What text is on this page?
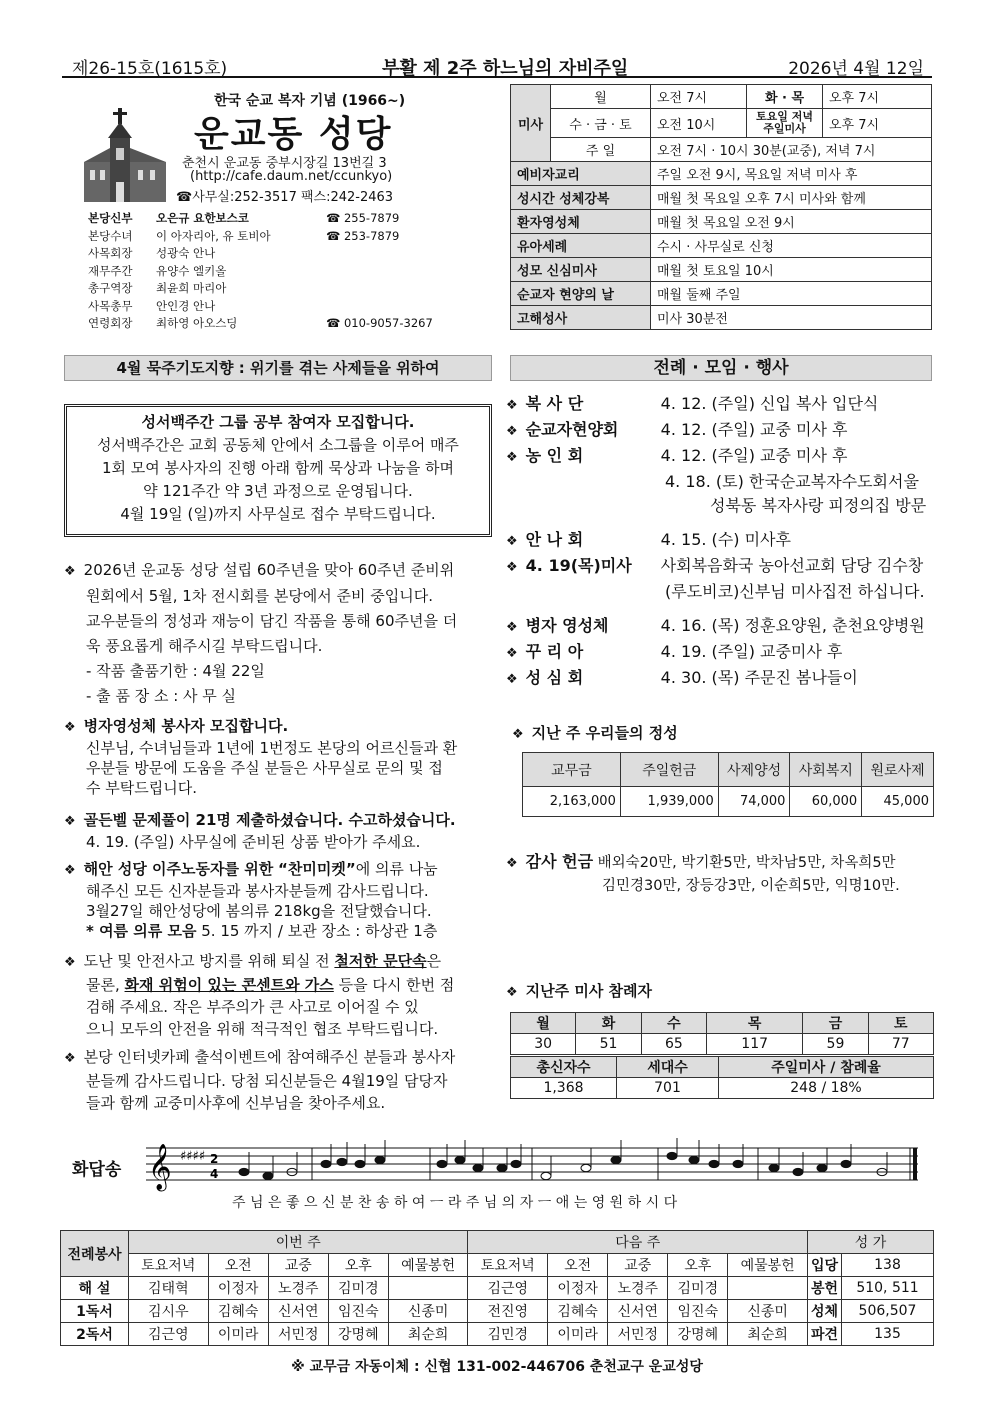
제26-15호(1615호)	부활 제 2주 하느님의 자비주일	2026년 4월 12일
한국 순교 복자 기념 (1966~)
운교동 성당
춘천시 운교동 중부시장길 13번길 3
(http://cafe.daum.net/ccunkyo)
☎사무실:252-3517 팩스:242-2463
본당신부 오은규 요한보스코	☎ 255-7879
본당수녀 이 아자리아, 유 토비아	☎ 253-7879
사목회장 성광숙 안나
재무주간 유양수 엘키올
총구역장 최윤희 마리아
사목총무 안인경 안나
연령회장 최하영 아오스딩	☎ 010-9057-3267
미사	월	오전 7시	화 · 목	오후 7시
	수 · 금 · 토	오전 10시	토요일 저녁 주일미사	오후 7시
	주 일	오전 7시 · 10시 30분(교중), 저녁 7시		
예비자교리		주일 오전 9시, 목요일 저녁 미사 후		
성시간 성체강복		매월 첫 목요일 오후 7시 미사와 함께		
환자영성체		매월 첫 목요일 오전 9시		
유아세례		수시 · 사무실로 신청		
성모 신심미사		매월 첫 토요일 10시		
순교자 현양의 날		매월 둘째 주일		
고해성사		미사 30분전		
4월 묵주기도지향 : 위기를 겪는 사제들을 위하여	전례 · 모임 · 행사
성서백주간 그룹 공부 참여자 모집합니다.
성서백주간은 교회 공동체 안에서 소그룹을 이루어 매주
1회 모여 봉사자의 진행 아래 함께 묵상과 나눔을 하며
약 121주간 약 3년 과정으로 운영됩니다.
4월 19일 (일)까지 사무실로 접수 부탁드립니다.
❖ 2026년 운교동 성당 설립 60주년을 맞아 60주년 준비위
원회에서 5월, 1차 전시회를 본당에서 준비 중입니다.
교우분들의 정성과 재능이 담긴 작품을 통해 60주년을 더
욱 풍요롭게 해주시길 부탁드립니다.
- 작품 출품기한 : 4월 22일
- 출 품 장 소 : 사 무 실
❖ 병자영성체 봉사자 모집합니다.
신부님, 수녀님들과 1년에 1번정도 본당의 어르신들과 환
우분들 방문에 도움을 주실 분들은 사무실로 문의 및 접
수 부탁드립니다.
❖ 골든벨 문제풀이 21명 제출하셨습니다. 수고하셨습니다.
4. 19. (주일) 사무실에 준비된 상품 받아가 주세요.
❖ 해안 성당 이주노동자를 위한 “찬미미켓”에 의류 나눔
해주신 모든 신자분들과 봉사자분들께 감사드립니다.
3월27일 해안성당에 봄의류 218kg을 전달했습니다.
* 여름 의류 모음 5. 15 까지 / 보관 장소 : 하상관 1층
❖ 도난 및 안전사고 방지를 위해 퇴실 전 철저한 문단속은
물론, 화재 위험이 있는 콘센트와 가스 등을 다시 한번 점
검해 주세요. 작은 부주의가 큰 사고로 이어질 수 있
으니 모두의 안전을 위해 적극적인 협조 부탁드립니다.
❖ 본당 인터넷카페 출석이벤트에 참여해주신 분들과 봉사자
분들께 감사드립니다. 당첨 되신분들은 4월19일 담당자
들과 함께 교중미사후에 신부님을 찾아주세요.
❖ 복 사 단	4. 12. (주일) 신입 복사 입단식
❖ 순교자현양회	4. 12. (주일) 교중 미사 후
❖ 농 인 회	4. 12. (주일) 교중 미사 후
4. 18. (토) 한국순교복자수도회서울
성북동 복자사랑 피정의집 방문
❖ 안 나 회	4. 15. (수) 미사후
❖ 4. 19(목)미사 사회복음화국 농아선교회 담당 김수창
(루도비코)신부님 미사집전 하십니다.
❖ 병자 영성체	4. 16. (목) 정훈요양원, 춘천요양병원
❖ 꾸 리 아	4. 19. (주일) 교중미사 후
❖ 성 심 회	4. 30. (목) 주문진 봄나들이
❖ 지난 주 우리들의 정성
교무금	주일헌금	사제양성	사회복지	원로사제
2,163,000	1,939,000	74,000	60,000	45,000
❖ 감사 헌금 배외숙20만, 박기환5만, 박차남5만, 차옥희5만
김민경30만, 장등강3만, 이순희5만, 익명10만.
❖ 지난주 미사 참례자
월	화	수	목	금	토
30	51	65	117	59	77
총신자수	세대수	주일미사 / 참례율
1,368	701	248 / 18%
화답송 𝄞 ♯♯♯♯ 2
4
주 님 은 좋 으 신 분 찬 송 하 여 ㅡ 라 주 님 의 자 ㅡ 애 는 영 원 하 시 다
전례봉사	이번 주					다음 주					성 가	
	토요저녁	오전	교중	오후	예물봉헌	토요저녁	오전	교중	오후	예물봉헌	입당	138
해 설	김태혁	이정자	노경주	김미경		김근영	이정자	노경주	김미경		봉헌	510, 511
1독서	김시우	김혜숙	신서연	임진숙	신종미	전진영	김혜숙	신서연	임진숙	신종미	성체	506,507
2독서	김근영	이미라	서민정	강명혜	최순희	김민경	이미라	서민정	강명혜	최순희	파견	135
※ 교무금 자동이체 : 신협 131-002-446706 춘천교구 운교성당
